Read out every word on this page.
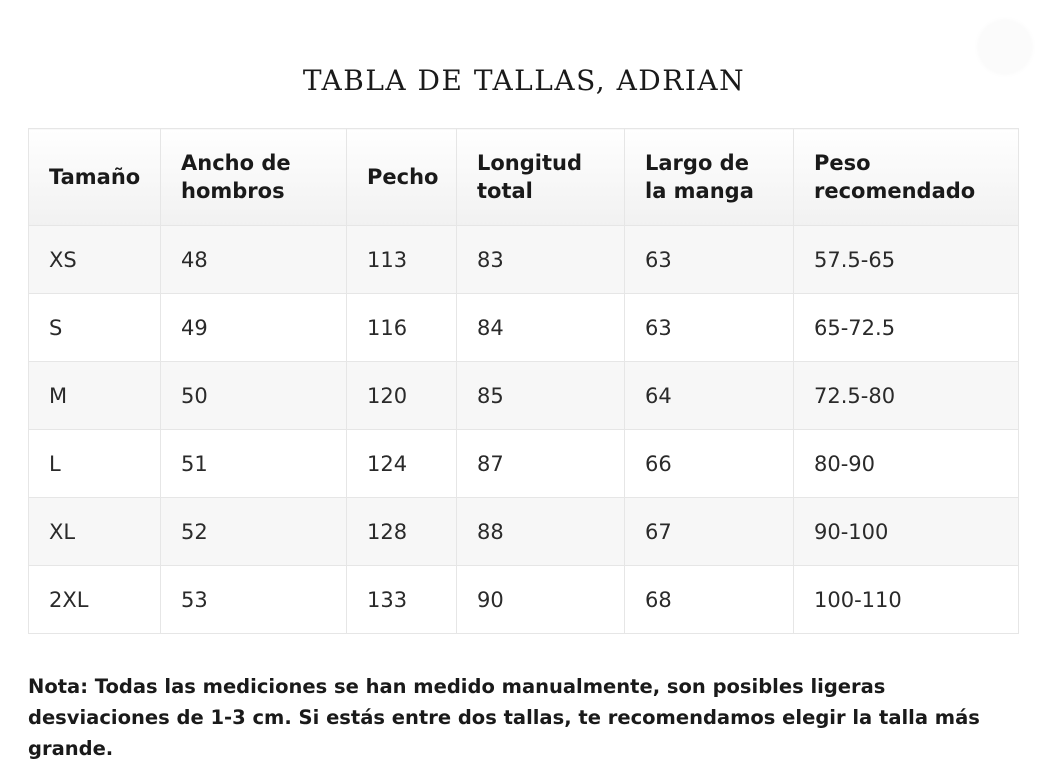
TABLA DE TALLAS, ADRIAN
Tamaño	Ancho de hombros	Pecho	Longitud total	Largo de la manga	Peso recomendado
XS	48	113	83	63	57.5-65
S	49	116	84	63	65-72.5
M	50	120	85	64	72.5-80
L	51	124	87	66	80-90
XL	52	128	88	67	90-100
2XL	53	133	90	68	100-110

Nota: Todas las mediciones se han medido manualmente, son posibles ligeras desviaciones de 1-3 cm. Si estás entre dos tallas, te recomendamos elegir la talla más grande.
